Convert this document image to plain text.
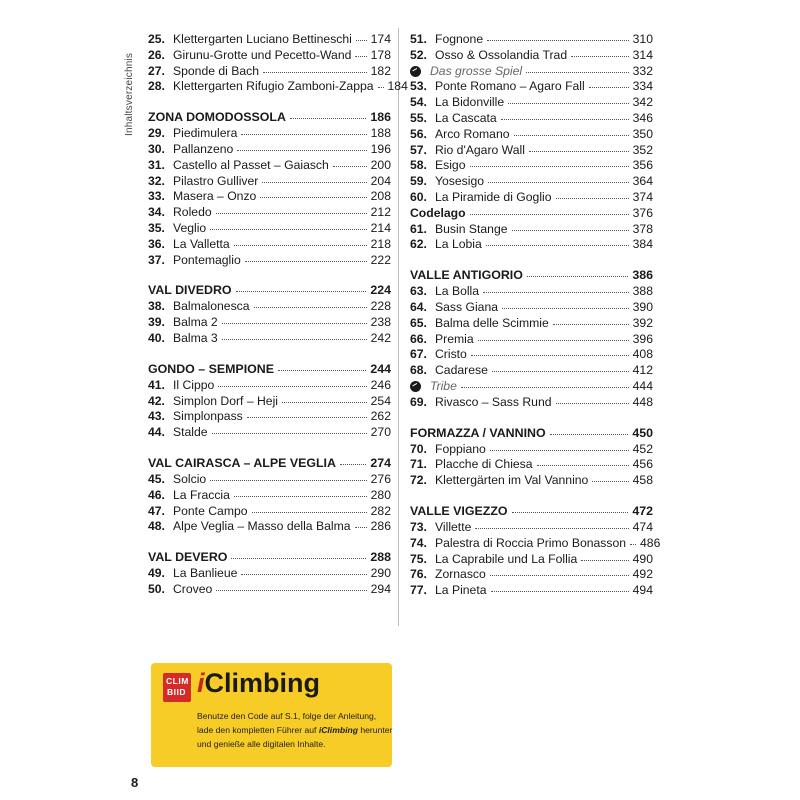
Inhaltsverzeichnis
25. Klettergarten Luciano Bettineschi 174
26. Girunu-Grotte und Pecetto-Wand 178
27. Sponde di Bach	182
28. Klettergarten Rifugio Zamboni-Zappa 184
ZONA DOMODOSSOLA	186
29. Piedimulera	188
30. Pallanzeno	196
31. Castello al Passet – Gaiasch	200
32. Pilastro Gulliver	204
33. Masera – Onzo	208
34. Roledo	212
35. Veglio	214
36. La Valletta	218
37. Pontemaglio	222
VAL DIVEDRO	224
38. Balmalonesca	228
39. Balma 2	238
40. Balma 3	242
GONDO – SEMPIONE	244
41. Il Cippo	246
42. Simplon Dorf – Heji	254
43. Simplonpass	262
44. Stalde	270
VAL CAIRASCA – ALPE VEGLIA	274
45. Solcio	276
46. La Fraccia	280
47. Ponte Campo	282
48. Alpe Veglia – Masso della Balma 286
VAL DEVERO	288
49. La Banlieue	290
50. Croveo	294
51. Fognone	310
52. Osso & Ossolandia Trad	314
Das grosse Spiel	332
53. Ponte Romano – Agaro Fall	334
54. La Bidonville	342
55. La Cascata	346
56. Arco Romano	350
57. Rio d'Agaro Wall	352
58. Esigo	356
59. Yosesigo	364
60. La Piramide di Goglio	374
Codelago	376
61. Busin Stange	378
62. La Lobia	384
VALLE ANTIGORIO	386
63. La Bolla	388
64. Sass Giana	390
65. Balma delle Scimmie	392
66. Premia	396
67. Cristo	408
68. Cadarese	412
Tribe	444
69. Rivasco – Sass Rund	448
FORMAZZA / VANNINO	450
70. Foppiano	452
71. Placche di Chiesa	456
72. Klettergärten im Val Vannino	458
VALLE VIGEZZO	472
73. Villette	474
74. Palestra di Roccia Primo Bonasson 486
75. La Caprabile und La Follia	490
76. Zornasco	492
77. La Pineta	494
CLIM
BIID iClimbing
Benutze den Code auf S.1, folge der Anleitung,
lade den kompletten Führer auf iClimbing herunter
und genieße alle digitalen Inhalte.
8
